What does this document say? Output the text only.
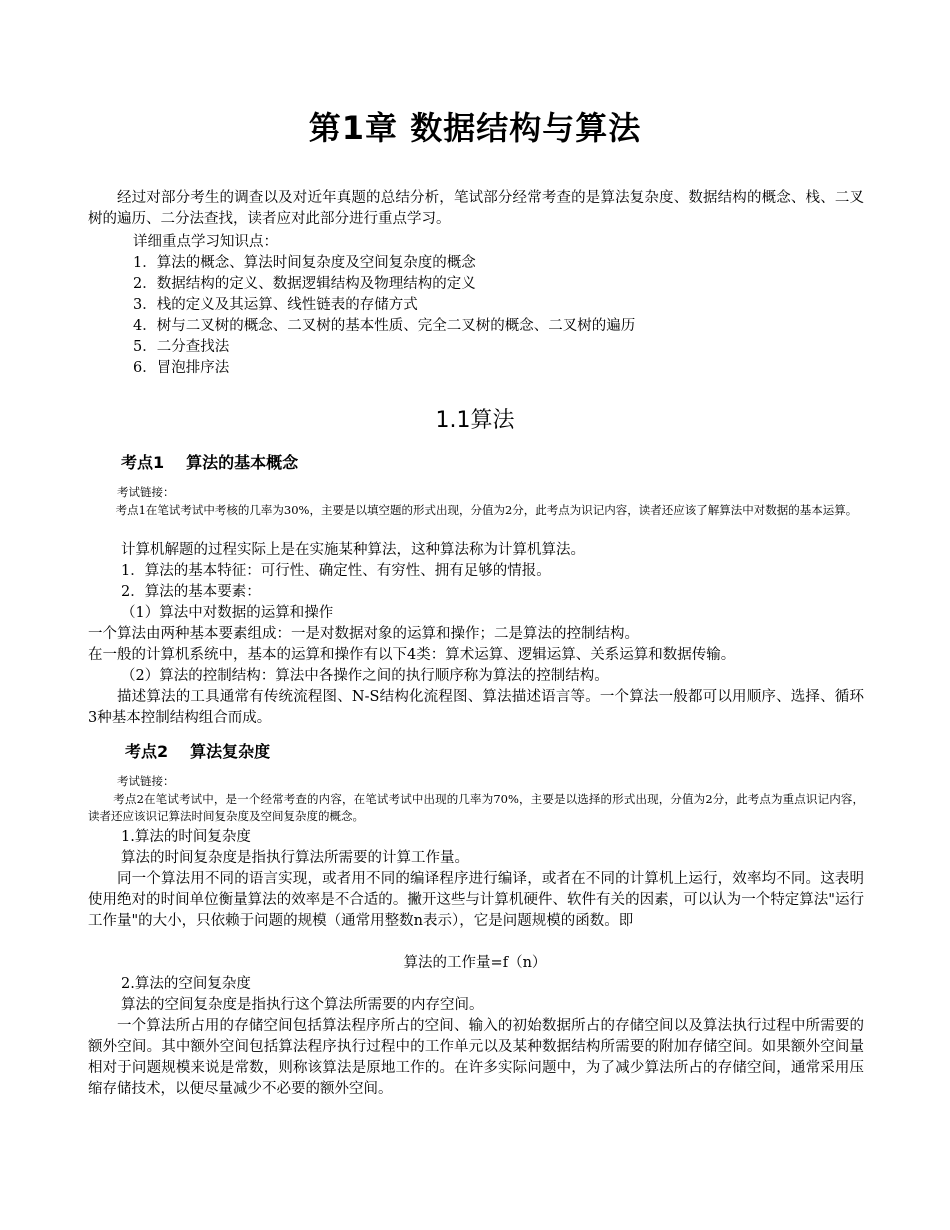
第1章 数据结构与算法
经过对部分考生的调查以及对近年真题的总结分析，笔试部分经常考查的是算法复杂度、数据结构的概念、栈、二叉树的遍历、二分法查找，读者应对此部分进行重点学习。
详细重点学习知识点：
1．算法的概念、算法时间复杂度及空间复杂度的概念
2．数据结构的定义、数据逻辑结构及物理结构的定义
3．栈的定义及其运算、线性链表的存储方式
4．树与二叉树的概念、二叉树的基本性质、完全二叉树的概念、二叉树的遍历
5．二分查找法
6．冒泡排序法
1.1算法
考点1 算法的基本概念
考试链接：
考点1在笔试考试中考核的几率为30%，主要是以填空题的形式出现，分值为2分，此考点为识记内容，读者还应该了解算法中对数据的基本运算。
计算机解题的过程实际上是在实施某种算法，这种算法称为计算机算法。
1．算法的基本特征：可行性、确定性、有穷性、拥有足够的情报。
2．算法的基本要素：
（1）算法中对数据的运算和操作
一个算法由两种基本要素组成：一是对数据对象的运算和操作；二是算法的控制结构。
在一般的计算机系统中，基本的运算和操作有以下4类：算术运算、逻辑运算、关系运算和数据传输。
（2）算法的控制结构：算法中各操作之间的执行顺序称为算法的控制结构。
描述算法的工具通常有传统流程图、N-S结构化流程图、算法描述语言等。一个算法一般都可以用顺序、选择、循环3种基本控制结构组合而成。
考点2 算法复杂度
考试链接：
考点2在笔试考试中，是一个经常考查的内容，在笔试考试中出现的几率为70%，主要是以选择的形式出现，分值为2分，此考点为重点识记内容，读者还应该识记算法时间复杂度及空间复杂度的概念。
1.算法的时间复杂度
算法的时间复杂度是指执行算法所需要的计算工作量。
同一个算法用不同的语言实现，或者用不同的编译程序进行编译，或者在不同的计算机上运行，效率均不同。这表明使用绝对的时间单位衡量算法的效率是不合适的。撇开这些与计算机硬件、软件有关的因素，可以认为一个特定算法"运行工作量"的大小，只依赖于问题的规模（通常用整数n表示），它是问题规模的函数。即
算法的工作量=f（n）
2.算法的空间复杂度
算法的空间复杂度是指执行这个算法所需要的内存空间。
一个算法所占用的存储空间包括算法程序所占的空间、输入的初始数据所占的存储空间以及算法执行过程中所需要的额外空间。其中额外空间包括算法程序执行过程中的工作单元以及某种数据结构所需要的附加存储空间。如果额外空间量相对于问题规模来说是常数，则称该算法是原地工作的。在许多实际问题中，为了减少算法所占的存储空间，通常采用压缩存储技术，以便尽量减少不必要的额外空间。
